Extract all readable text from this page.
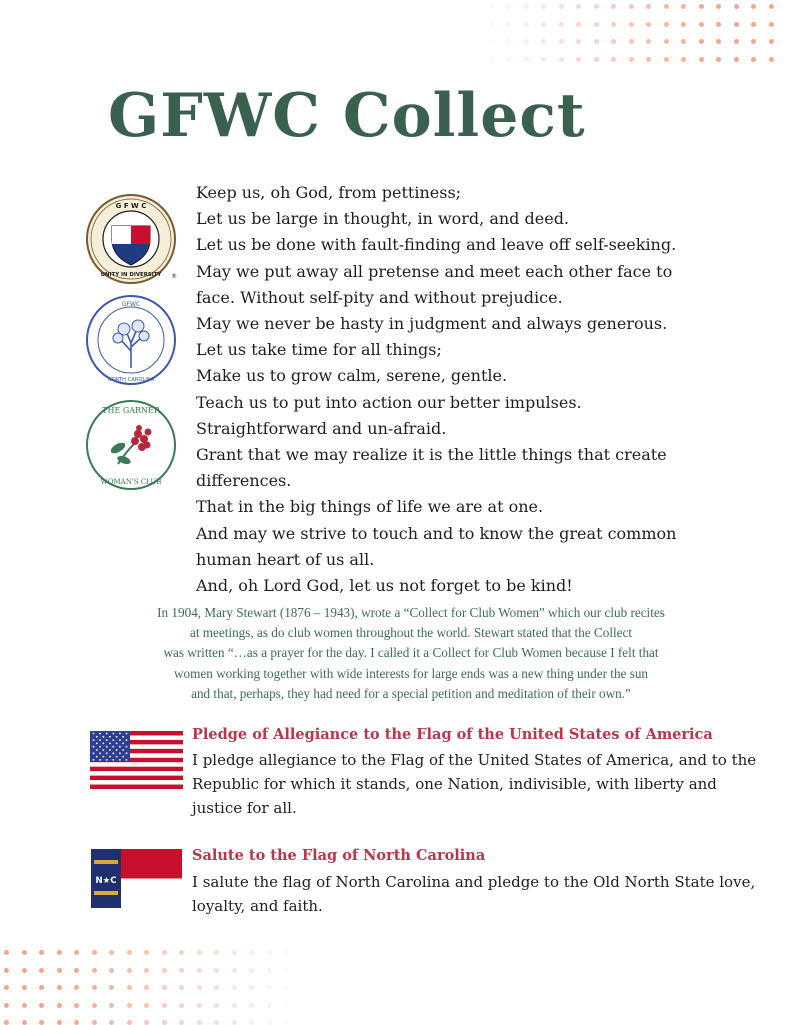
GFWC Collect
G F W C
UNITY IN DIVERSITY ®
GFWC
NORTH CAROLINA
THE GARNER
WOMAN'S CLUB
Keep us, oh God, from pettiness;
Let us be large in thought, in word, and deed.
Let us be done with fault-finding and leave off self-seeking.
May we put away all pretense and meet each other face to
face. Without self-pity and without prejudice.
May we never be hasty in judgment and always generous.
Let us take time for all things;
Make us to grow calm, serene, gentle.
Teach us to put into action our better impulses.
Straightforward and un-afraid.
Grant that we may realize it is the little things that create
differences.
That in the big things of life we are at one.
And may we strive to touch and to know the great common
human heart of us all.
And, oh Lord God, let us not forget to be kind!
In 1904, Mary Stewart (1876 – 1943), wrote a “Collect for Club Women” which our club recites
at meetings, as do club women throughout the world. Stewart stated that the Collect
was written “…as a prayer for the day. I called it a Collect for Club Women because I felt that
women working together with wide interests for large ends was a new thing under the sun
and that, perhaps, they had need for a special petition and meditation of their own.”
Pledge of Allegiance to the Flag of the United States of America
I pledge allegiance to the Flag of the United States of America, and to the
Republic for which it stands, one Nation, indivisible, with liberty and
justice for all.
N★C
Salute to the Flag of North Carolina
I salute the flag of North Carolina and pledge to the Old North State love,
loyalty, and faith.
